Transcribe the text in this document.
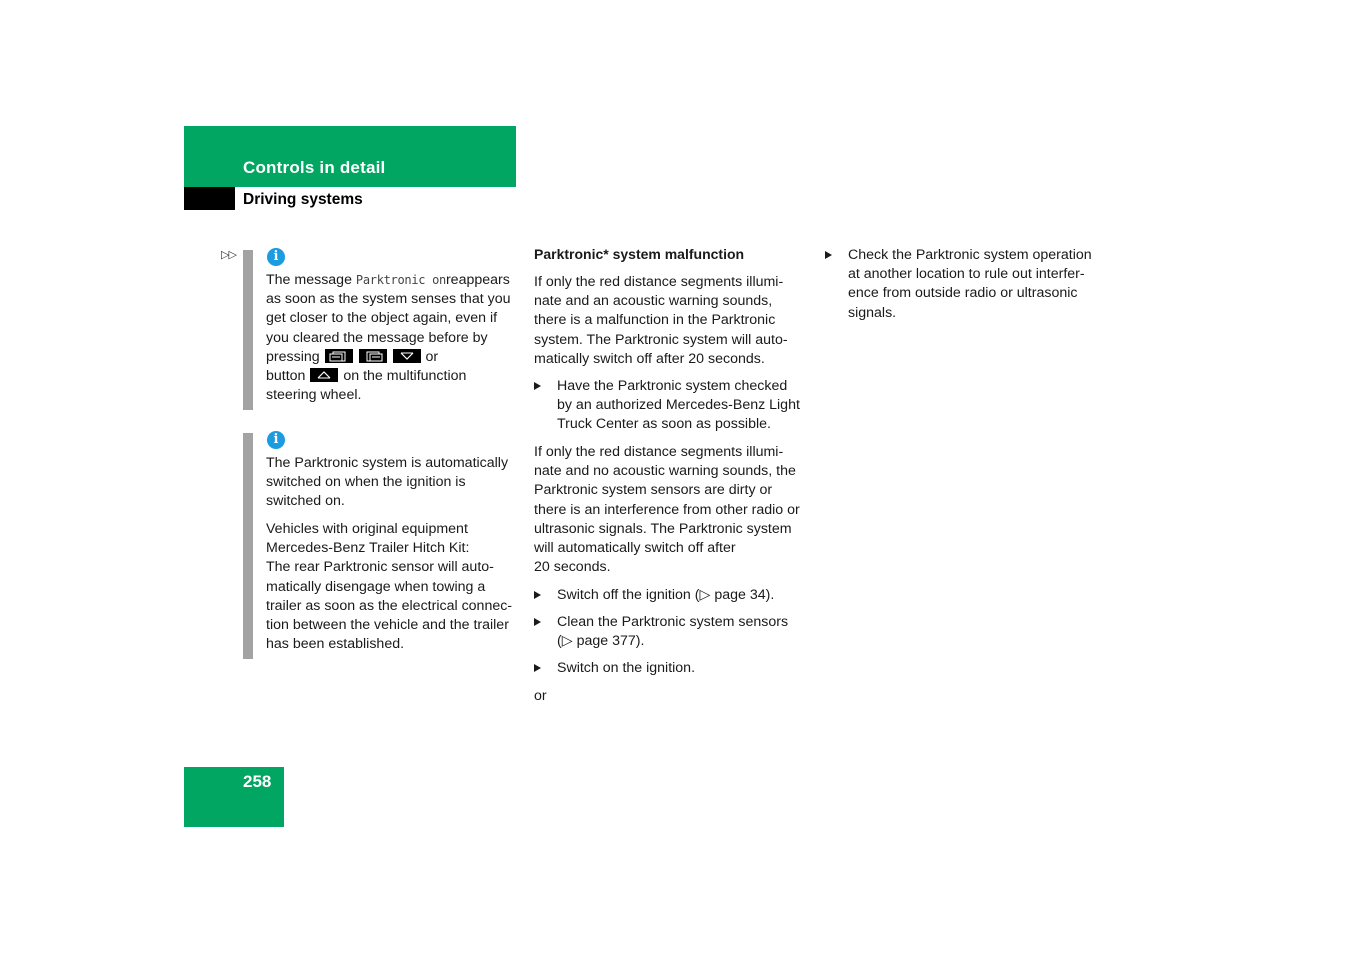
Controls in detail
Driving systems
▷▷	i
The message Parktronic onreappears
as soon as the system senses that you
get closer to the object again, even if
you cleared the message before by
pressing

	or
button	on the multifunction
steering wheel.
i
The Parktronic system is automatically
switched on when the ignition is
switched on.
Vehicles with original equipment
Mercedes-Benz Trailer Hitch Kit:
The rear Parktronic sensor will auto-
matically disengage when towing a
trailer as soon as the electrical connec-
tion between the vehicle and the trailer
has been established.
Parktronic* system malfunction
If only the red distance segments illumi-
nate and an acoustic warning sounds,
there is a malfunction in the Parktronic
system. The Parktronic system will auto-
matically switch off after 20 seconds.
Have the Parktronic system checked
by an authorized Mercedes-Benz Light
Truck Center as soon as possible.
If only the red distance segments illumi-
nate and no acoustic warning sounds, the
Parktronic system sensors are dirty or
there is an interference from other radio or
ultrasonic signals. The Parktronic system
will automatically switch off after
20 seconds.
Switch off the ignition (▷ page 34).
Clean the Parktronic system sensors
(▷ page 377).
Switch on the ignition.
or
Check the Parktronic system operation
at another location to rule out interfer-
ence from outside radio or ultrasonic
signals.
258
